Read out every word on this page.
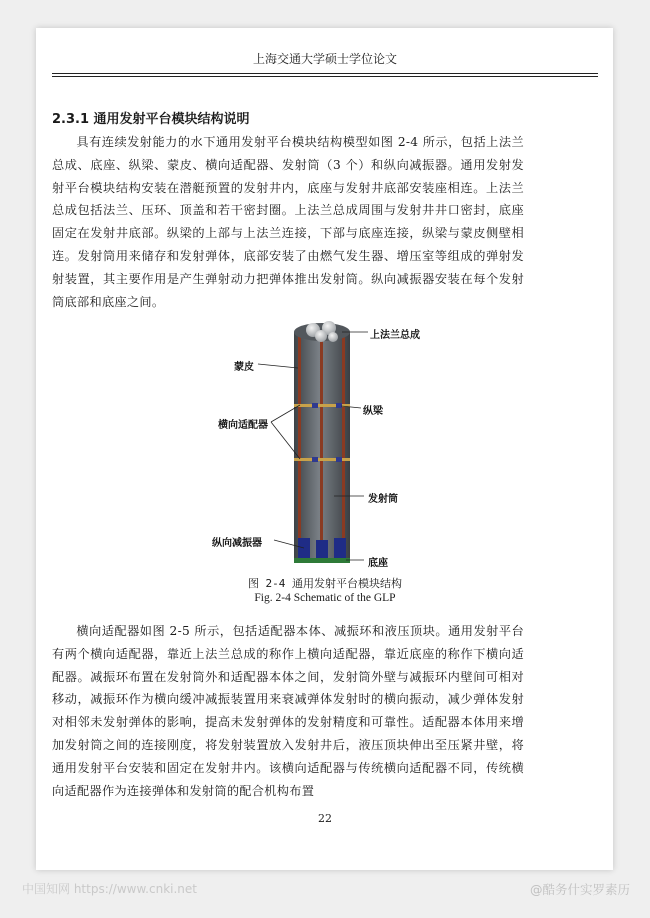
上海交通大学硕士学位论文
2.3.1 通用发射平台模块结构说明

具有连续发射能力的水下通用发射平台模块结构模型如图 2-4 所示，包括上法兰总成、底座、纵梁、蒙皮、横向适配器、发射筒（3 个）和纵向减振器。通用发射发射平台模块结构安装在潜艇预置的发射井内，底座与发射井底部安装座相连。上法兰总成包括法兰、压环、顶盖和若干密封圈。上法兰总成周围与发射井井口密封，底座固定在发射井底部。纵梁的上部与上法兰连接，下部与底座连接，纵梁与蒙皮侧壁相连。发射筒用来储存和发射弹体，底部安装了由燃气发生器、增压室等组成的弹射发射装置，其主要作用是产生弹射动力把弹体推出发射筒。纵向减振器安装在每个发射筒底部和底座之间。

上法兰总成
蒙皮
纵梁
横向适配器
发射筒
纵向减振器
底座
图 2-4 通用发射平台模块结构
Fig. 2-4 Schematic of the GLP

横向适配器如图 2-5 所示，包括适配器本体、减振环和液压顶块。通用发射平台有两个横向适配器，靠近上法兰总成的称作上横向适配器，靠近底座的称作下横向适配器。减振环布置在发射筒外和适配器本体之间，发射筒外壁与减振环内壁间可相对移动，减振环作为横向缓冲减振装置用来衰减弹体发射时的横向振动，减少弹体发射对相邻未发射弹体的影响，提高未发射弹体的发射精度和可靠性。适配器本体用来增加发射筒之间的连接刚度，将发射装置放入发射井后，液压顶块伸出至压紧井壁，将通用发射平台安装和固定在发射井内。该横向适配器与传统横向适配器不同，传统横向适配器作为连接弹体和发射筒的配合机构布置

22
中国知网 https://www.cnki.net	@酷务什实罗素历
